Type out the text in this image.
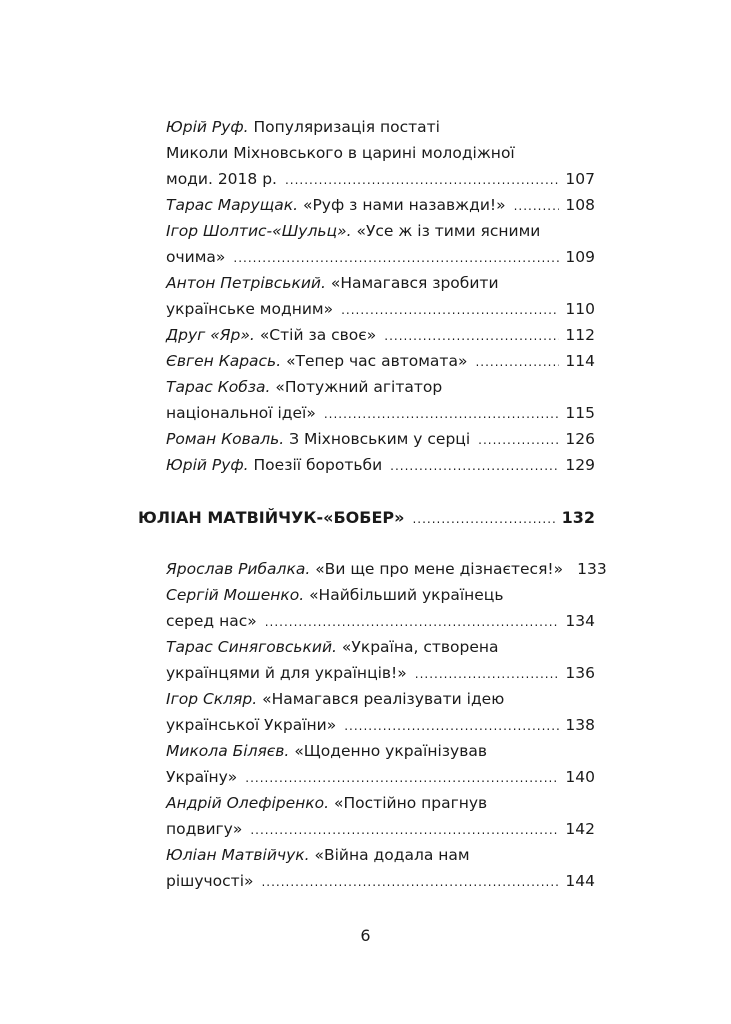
Юрій Руф.
Популяризація постаті
Миколи Міхновського в царині молодіжної
моди. 2018 р. .....	107
Тарас Марущак.
«Руф з нами назавжди!» .....	108
Ігор Шолтис-«Шульц».
«Усе ж із тими ясними
очима» .....	109
Антон Петрівський.
«Намагався зробити
українське модним» .....	110
Друг «Яр».
«Стій за своє» .....	112
Євген Карась.
«Тепер час автомата» .....	114
Тарас Кобза.
«Потужний агітатор
національної ідеї» .....	115
Роман Коваль.
З Міхновським у серці .....	126
Юрій Руф.
Поезії боротьби .....	129
ЮЛІАН МАТВІЙЧУК-«БОБЕР» .....	132
Ярослав Рибалка.
«Ви ще про мене дізнаєтеся!» 133
Сергій Мошенко.
«Найбільший українець
серед нас» .....	134
Тарас Синяговський.
«Україна, створена
українцями й для українців!» .....	136
Ігор Скляр.
«Намагався реалізувати ідею
української України» .....	138
Микола Біляєв.
«Щоденно українізував
Україну» .....	140
Андрій Олефіренко.
«Постійно прагнув
подвигу» .....	142
Юліан Матвійчук.
«Війна додала нам
рішучості» .....	144
6
